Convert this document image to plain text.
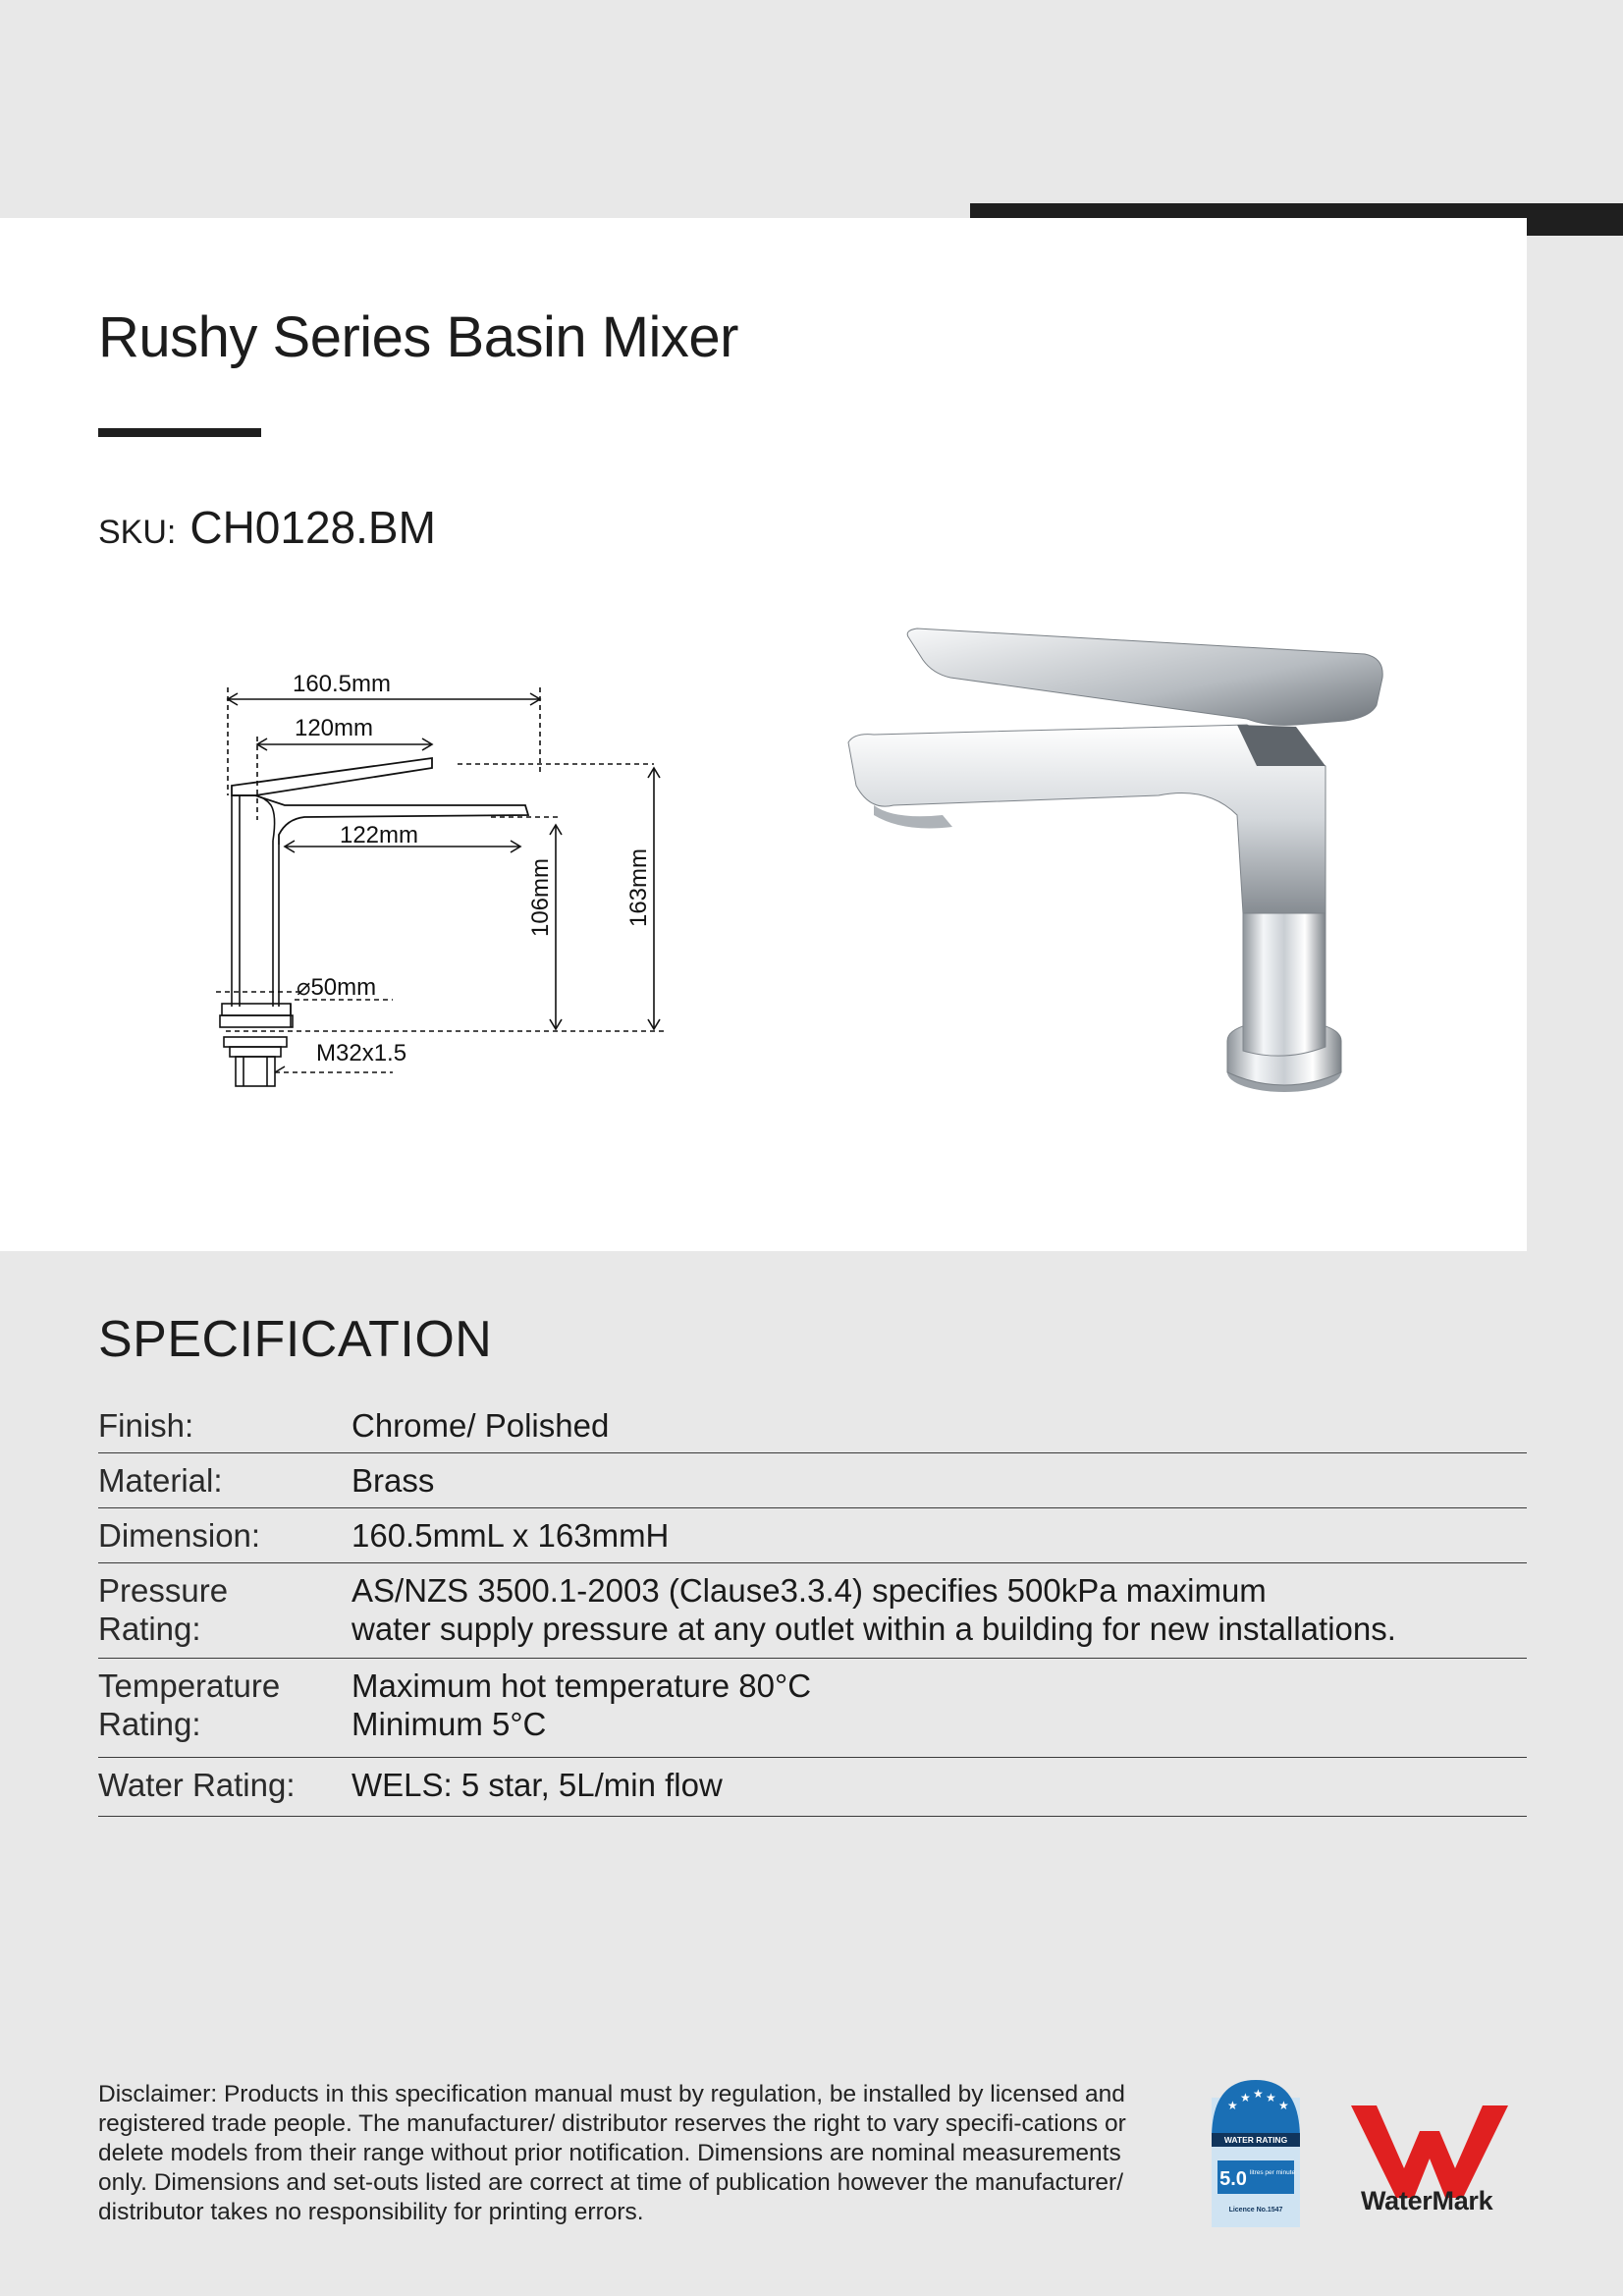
Rushy Series Basin Mixer
SKU: CH0128.BM
160.5mm
120mm
122mm
106mm	163mm
⌀50mm
M32x1.5
SPECIFICATION
Finish:	Chrome/ Polished
Material:	Brass
Dimension:	160.5mmL x 163mmH
Pressure Rating:
AS/NZS 3500.1-2003 (Clause3.3.4) specifies 500kPa maximum
water supply pressure at any outlet within a building for new installations.
Temperature Rating:
Maximum hot temperature 80°C
Minimum 5°C
Water Rating:	WELS: 5 star, 5L/min flow

Disclaimer: Products in this specification manual must by regulation, be installed by licensed and registered trade people. The manufacturer/ distributor reserves the right to vary specifi-cations or delete models from their range without prior notification. Dimensions are nominal measurements only. Dimensions and set-outs listed are correct at time of publication however the manufacturer/ distributor takes no responsibility for printing errors.

★
★ ★ ★
★
WATER RATING
5.0 litres per minute
Licence No.1547	WaterMark
